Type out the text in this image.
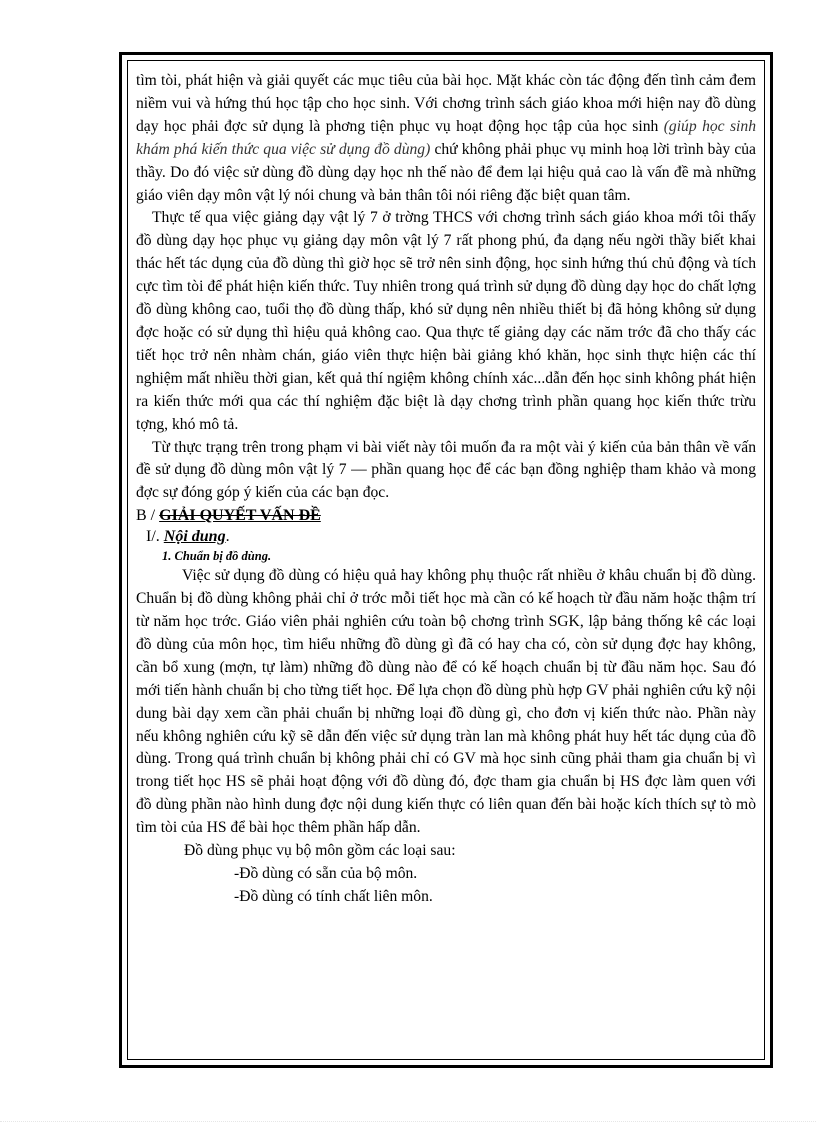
tìm tòi, phát hiện và giải quyết các mục tiêu của bài học. Mặt khác còn tác động đến tình cảm đem niềm vui và hứng thú học tập cho học sinh. Với chơng trình sách giáo khoa mới hiện nay đồ dùng dạy học phải đợc sử dụng là phơng tiện phục vụ hoạt động học tập của học sinh (giúp học sinh khám phá kiến thức qua việc sử dụng đồ dùng) chứ không phải phục vụ minh hoạ lời trình bày của thầy. Do đó việc sử dùng đồ dùng dạy học nh thế nào để đem lại hiệu quả cao là vấn đề mà những giáo viên dạy môn vật lý nói chung và bản thân tôi nói riêng đặc biệt quan tâm.

Thực tế qua việc giảng dạy vật lý 7 ở trờng THCS với chơng trình sách giáo khoa mới tôi thấy đồ dùng dạy học phục vụ giảng dạy môn vật lý 7 rất phong phú, đa dạng nếu ngời thầy biết khai thác hết tác dụng của đồ dùng thì giờ học sẽ trở nên sinh động, học sinh hứng thú chủ động và tích cực tìm tòi để phát hiện kiến thức. Tuy nhiên trong quá trình sử dụng đồ dùng dạy học do chất lợng đồ dùng không cao, tuổi thọ đồ dùng thấp, khó sử dụng nên nhiều thiết bị đã hỏng không sử dụng đợc hoặc có sử dụng thì hiệu quả không cao. Qua thực tế giảng dạy các năm trớc đã cho thấy các tiết học trở nên nhàm chán, giáo viên thực hiện bài giảng khó khăn, học sinh thực hiện các thí nghiệm mất nhiều thời gian, kết quả thí ngiệm không chính xác...dẫn đến học sinh không phát hiện ra kiến thức mới qua các thí nghiệm đặc biệt là dạy chơng trình phần quang học kiến thức trừu tợng, khó mô tả.

Từ thực trạng trên trong phạm vi bài viết này tôi muốn đa ra một vài ý kiến của bản thân về vấn đề sử dụng đồ dùng môn vật lý 7 — phần quang học để các bạn đồng nghiệp tham khảo và mong đợc sự đóng góp ý kiến của các bạn đọc.

B / GIẢI QUYẾT VẤN ĐỀ

I/. Nội dung.

1. Chuẩn bị đồ dùng.

Việc sử dụng đồ dùng có hiệu quả hay không phụ thuộc rất nhiều ở khâu chuẩn bị đồ dùng. Chuẩn bị đồ dùng không phải chỉ ở trớc mỗi tiết học mà cần có kế hoạch từ đầu năm hoặc thậm trí từ năm học trớc. Giáo viên phải nghiên cứu toàn bộ chơng trình SGK, lập bảng thống kê các loại đồ dùng của môn học, tìm hiểu những đồ dùng gì đã có hay cha có, còn sử dụng đợc hay không, cần bổ xung (mợn, tự làm) những đồ dùng nào để có kế hoạch chuẩn bị từ đầu năm học. Sau đó mới tiến hành chuẩn bị cho từng tiết học. Để lựa chọn đồ dùng phù hợp GV phải nghiên cứu kỹ nội dung bài dạy xem cần phải chuẩn bị những loại đồ dùng gì, cho đơn vị kiến thức nào. Phần này nếu không nghiên cứu kỹ sẽ dẫn đến việc sử dụng tràn lan mà không phát huy hết tác dụng của đồ dùng. Trong quá trình chuẩn bị không phải chỉ có GV mà học sinh cũng phải tham gia chuẩn bị vì trong tiết học HS sẽ phải hoạt động với đồ dùng đó, đợc tham gia chuẩn bị HS đợc làm quen với đồ dùng phần nào hình dung đợc nội dung kiến thực có liên quan đến bài hoặc kích thích sự tò mò tìm tòi của HS để bài học thêm phần hấp dẫn.

Đồ dùng phục vụ bộ môn gồm các loại sau:

-Đồ dùng có sẵn của bộ môn.

-Đồ dùng có tính chất liên môn.
